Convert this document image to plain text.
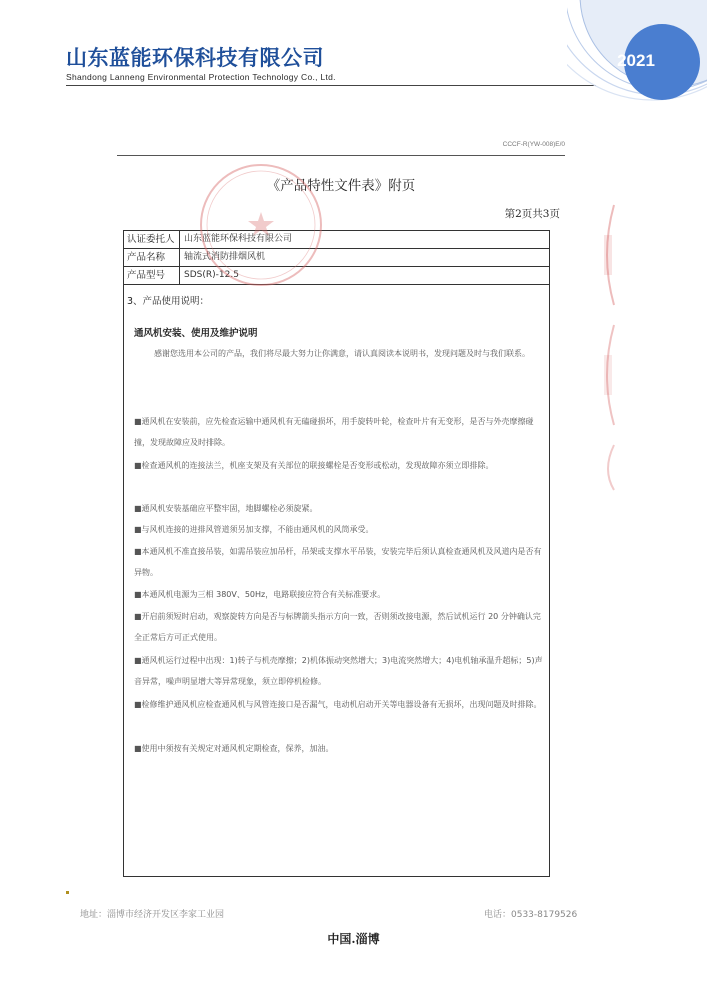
山东蓝能环保科技有限公司
Shandong Lanneng Environmental Protection Technology Co., Ltd.
2021
CCCF-R(YW-008)E/0
《产品特性文件表》附页
第2页共3页
认证委托人	山东蓝能环保科技有限公司
产品名称	轴流式消防排烟风机
产品型号	SDS(R)-12.5
3、产品使用说明：
通风机安装、使用及维护说明
感谢您选用本公司的产品，我们将尽最大努力让你满意，请认真阅读本说明书，发现问题及时与我们联系。
■通风机在安装前，应先检查运输中通风机有无磕碰损坏，用手旋转叶轮，检查叶片有无变形，是否与外壳摩擦碰撞，发现故障应及时排除。
■检查通风机的连接法兰，机座支架及有关部位的联接螺栓是否变形或松动，发现故障亦须立即排除。
■通风机安装基础应平整牢固，地脚螺栓必须旋紧。
■与风机连接的进排风管道须另加支撑，不能由通风机的风筒承受。
■本通风机不准直接吊装，如需吊装应加吊杆，吊架或支撑水平吊装，安装完毕后须认真检查通风机及风道内是否有异物。
■本通风机电源为三相 380V、50Hz，电路联接应符合有关标准要求。
■开启前须短时启动，观察旋转方向是否与标牌箭头指示方向一致，否则须改接电源，然后试机运行 20 分钟确认完全正常后方可正式使用。
■通风机运行过程中出现：1)转子与机壳摩擦；2)机体振动突然增大；3)电流突然增大；4)电机轴承温升超标；5)声音异常，噪声明显增大等异常现象，须立即停机检修。
■检修维护通风机应检查通风机与风管连接口是否漏气，电动机启动开关等电器设备有无损坏，出现问题及时排除。
■使用中须按有关规定对通风机定期检查，保养，加油。
地址：淄博市经济开发区李家工业园	电话：0533-8179526
中国.淄博
